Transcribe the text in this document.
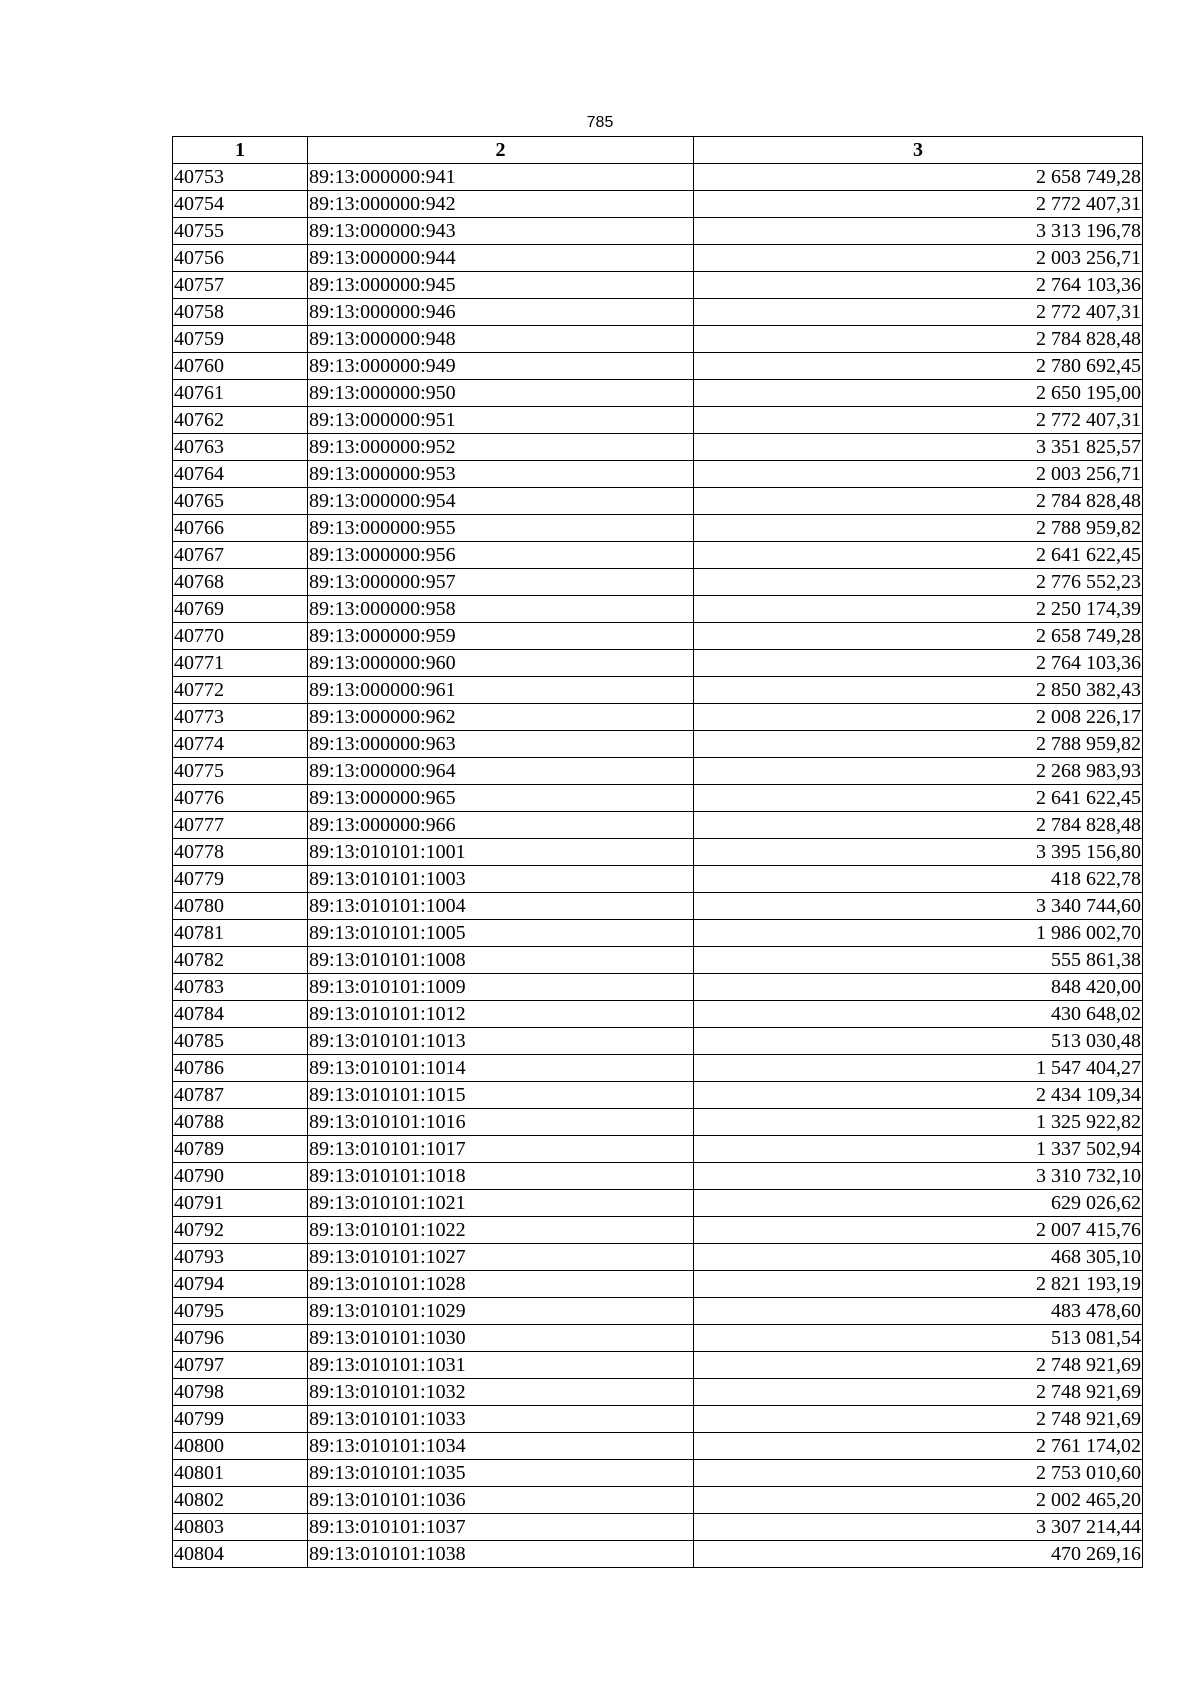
785
1	2	3
40753	89:13:000000:941	2 658 749,28
40754	89:13:000000:942	2 772 407,31
40755	89:13:000000:943	3 313 196,78
40756	89:13:000000:944	2 003 256,71
40757	89:13:000000:945	2 764 103,36
40758	89:13:000000:946	2 772 407,31
40759	89:13:000000:948	2 784 828,48
40760	89:13:000000:949	2 780 692,45
40761	89:13:000000:950	2 650 195,00
40762	89:13:000000:951	2 772 407,31
40763	89:13:000000:952	3 351 825,57
40764	89:13:000000:953	2 003 256,71
40765	89:13:000000:954	2 784 828,48
40766	89:13:000000:955	2 788 959,82
40767	89:13:000000:956	2 641 622,45
40768	89:13:000000:957	2 776 552,23
40769	89:13:000000:958	2 250 174,39
40770	89:13:000000:959	2 658 749,28
40771	89:13:000000:960	2 764 103,36
40772	89:13:000000:961	2 850 382,43
40773	89:13:000000:962	2 008 226,17
40774	89:13:000000:963	2 788 959,82
40775	89:13:000000:964	2 268 983,93
40776	89:13:000000:965	2 641 622,45
40777	89:13:000000:966	2 784 828,48
40778	89:13:010101:1001	3 395 156,80
40779	89:13:010101:1003	418 622,78
40780	89:13:010101:1004	3 340 744,60
40781	89:13:010101:1005	1 986 002,70
40782	89:13:010101:1008	555 861,38
40783	89:13:010101:1009	848 420,00
40784	89:13:010101:1012	430 648,02
40785	89:13:010101:1013	513 030,48
40786	89:13:010101:1014	1 547 404,27
40787	89:13:010101:1015	2 434 109,34
40788	89:13:010101:1016	1 325 922,82
40789	89:13:010101:1017	1 337 502,94
40790	89:13:010101:1018	3 310 732,10
40791	89:13:010101:1021	629 026,62
40792	89:13:010101:1022	2 007 415,76
40793	89:13:010101:1027	468 305,10
40794	89:13:010101:1028	2 821 193,19
40795	89:13:010101:1029	483 478,60
40796	89:13:010101:1030	513 081,54
40797	89:13:010101:1031	2 748 921,69
40798	89:13:010101:1032	2 748 921,69
40799	89:13:010101:1033	2 748 921,69
40800	89:13:010101:1034	2 761 174,02
40801	89:13:010101:1035	2 753 010,60
40802	89:13:010101:1036	2 002 465,20
40803	89:13:010101:1037	3 307 214,44
40804	89:13:010101:1038	470 269,16
